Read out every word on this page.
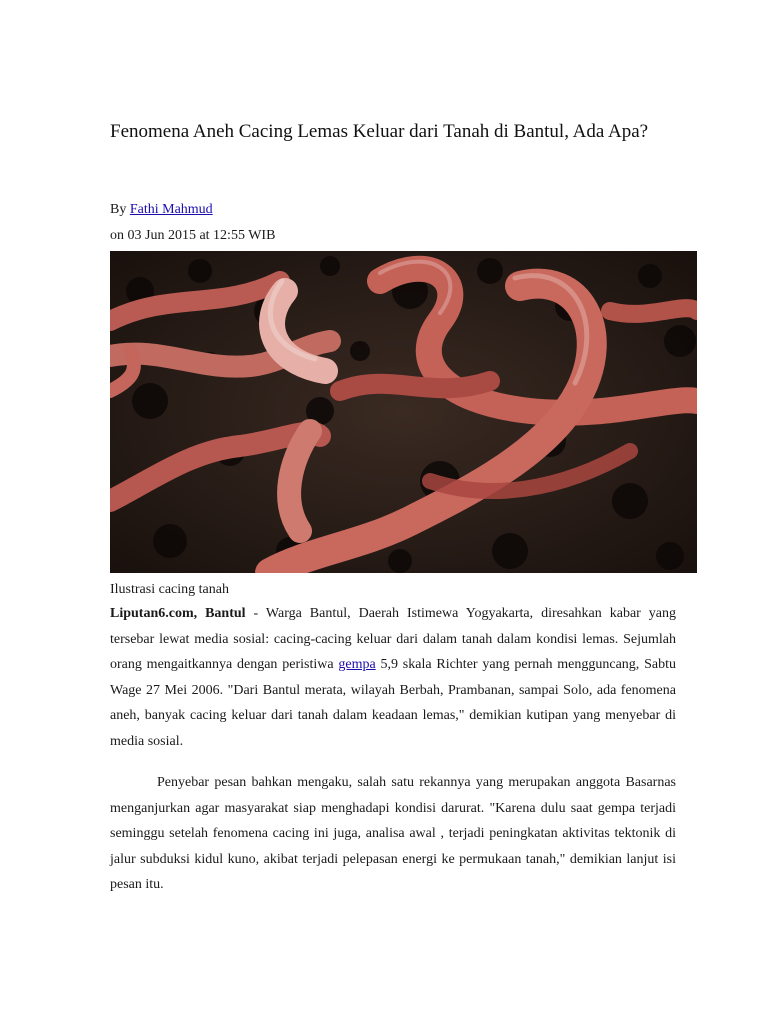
Fenomena Aneh Cacing Lemas Keluar dari Tanah di Bantul, Ada Apa?
By Fathi Mahmud
on 03 Jun 2015 at 12:55 WIB
Ilustrasi cacing tanah

Liputan6.com, Bantul - Warga Bantul, Daerah Istimewa Yogyakarta, diresahkan kabar yang tersebar lewat media sosial: cacing-cacing keluar dari dalam tanah dalam kondisi lemas. Sejumlah orang mengaitkannya dengan peristiwa gempa 5,9 skala Richter yang pernah mengguncang, Sabtu Wage 27 Mei 2006. "Dari Bantul merata, wilayah Berbah, Prambanan, sampai Solo, ada fenomena aneh, banyak cacing keluar dari tanah dalam keadaan lemas," demikian kutipan yang menyebar di media sosial.

Penyebar pesan bahkan mengaku, salah satu rekannya yang merupakan anggota Basarnas menganjurkan agar masyarakat siap menghadapi kondisi darurat. "Karena dulu saat gempa terjadi seminggu setelah fenomena cacing ini juga, analisa awal , terjadi peningkatan aktivitas tektonik di jalur subduksi kidul kuno, akibat terjadi pelepasan energi ke permukaan tanah," demikian lanjut isi pesan itu.
